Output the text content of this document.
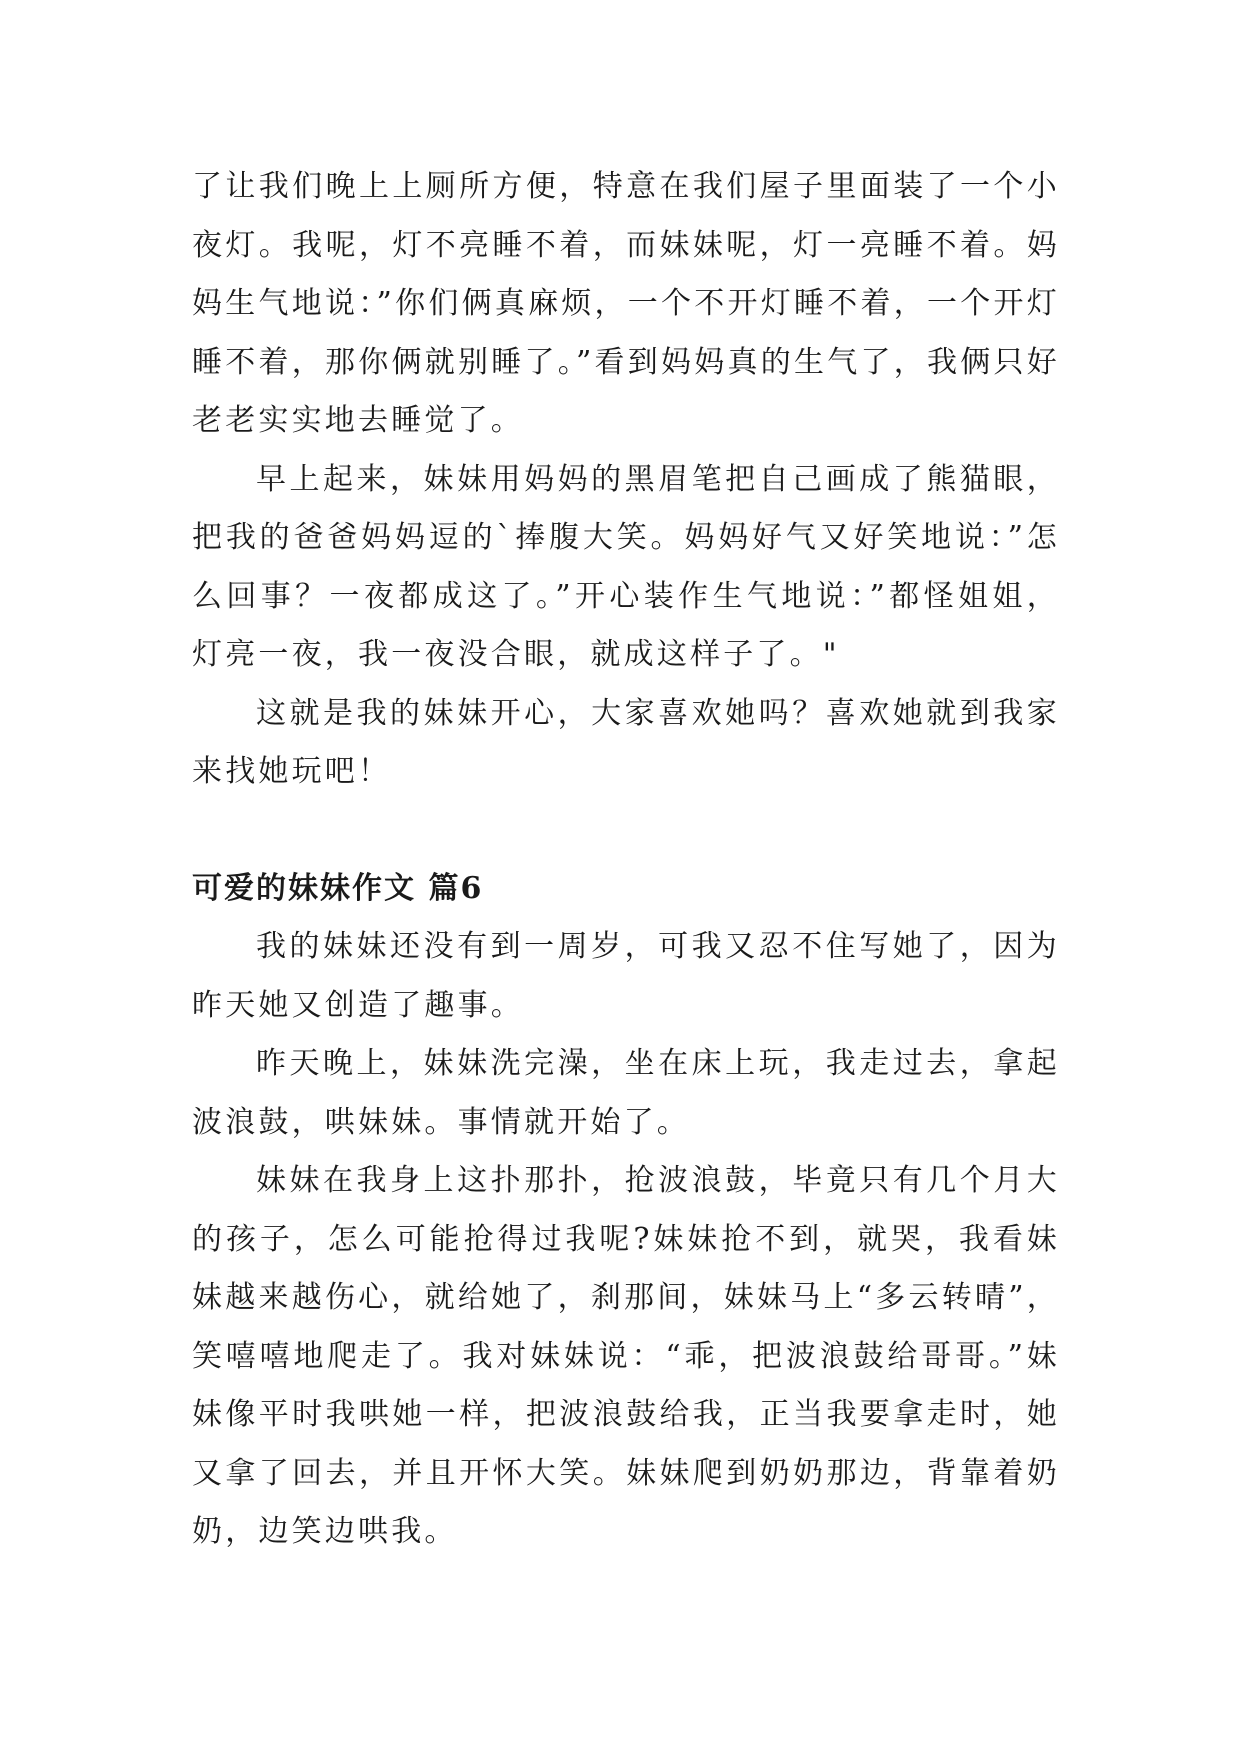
了让我们晚上上厕所方便，特意在我们屋子里面装了一个小夜灯。我呢，灯不亮睡不着，而妹妹呢，灯一亮睡不着。妈妈生气地说：”你们俩真麻烦，一个不开灯睡不着，一个开灯睡不着，那你俩就别睡了。”看到妈妈真的生气了，我俩只好老老实实地去睡觉了。

早上起来，妹妹用妈妈的黑眉笔把自己画成了熊猫眼，把我的爸爸妈妈逗的`捧腹大笑。妈妈好气又好笑地说：”怎么回事？一夜都成这了。”开心装作生气地说：”都怪姐姐，灯亮一夜，我一夜没合眼，就成这样子了。"

这就是我的妹妹开心，大家喜欢她吗？喜欢她就到我家来找她玩吧！

可爱的妹妹作文 篇6

我的妹妹还没有到一周岁，可我又忍不住写她了，因为昨天她又创造了趣事。

昨天晚上，妹妹洗完澡，坐在床上玩，我走过去，拿起波浪鼓，哄妹妹。事情就开始了。

妹妹在我身上这扑那扑，抢波浪鼓，毕竟只有几个月大的孩子，怎么可能抢得过我呢?妹妹抢不到，就哭，我看妹妹越来越伤心，就给她了，刹那间，妹妹马上“多云转晴”，笑嘻嘻地爬走了。我对妹妹说：“乖，把波浪鼓给哥哥。”妹妹像平时我哄她一样，把波浪鼓给我，正当我要拿走时，她又拿了回去，并且开怀大笑。妹妹爬到奶奶那边，背靠着奶奶，边笑边哄我。
